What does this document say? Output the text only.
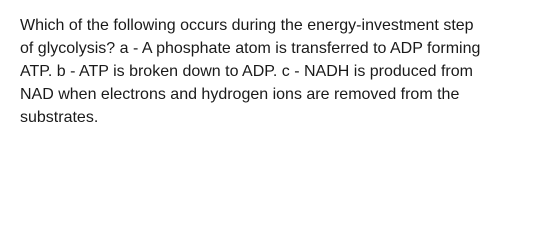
Which of the following occurs during the energy-investment step
of glycolysis? a - A phosphate atom is transferred to ADP forming
ATP. b - ATP is broken down to ADP. c - NADH is produced from
NAD when electrons and hydrogen ions are removed from the
substrates.
